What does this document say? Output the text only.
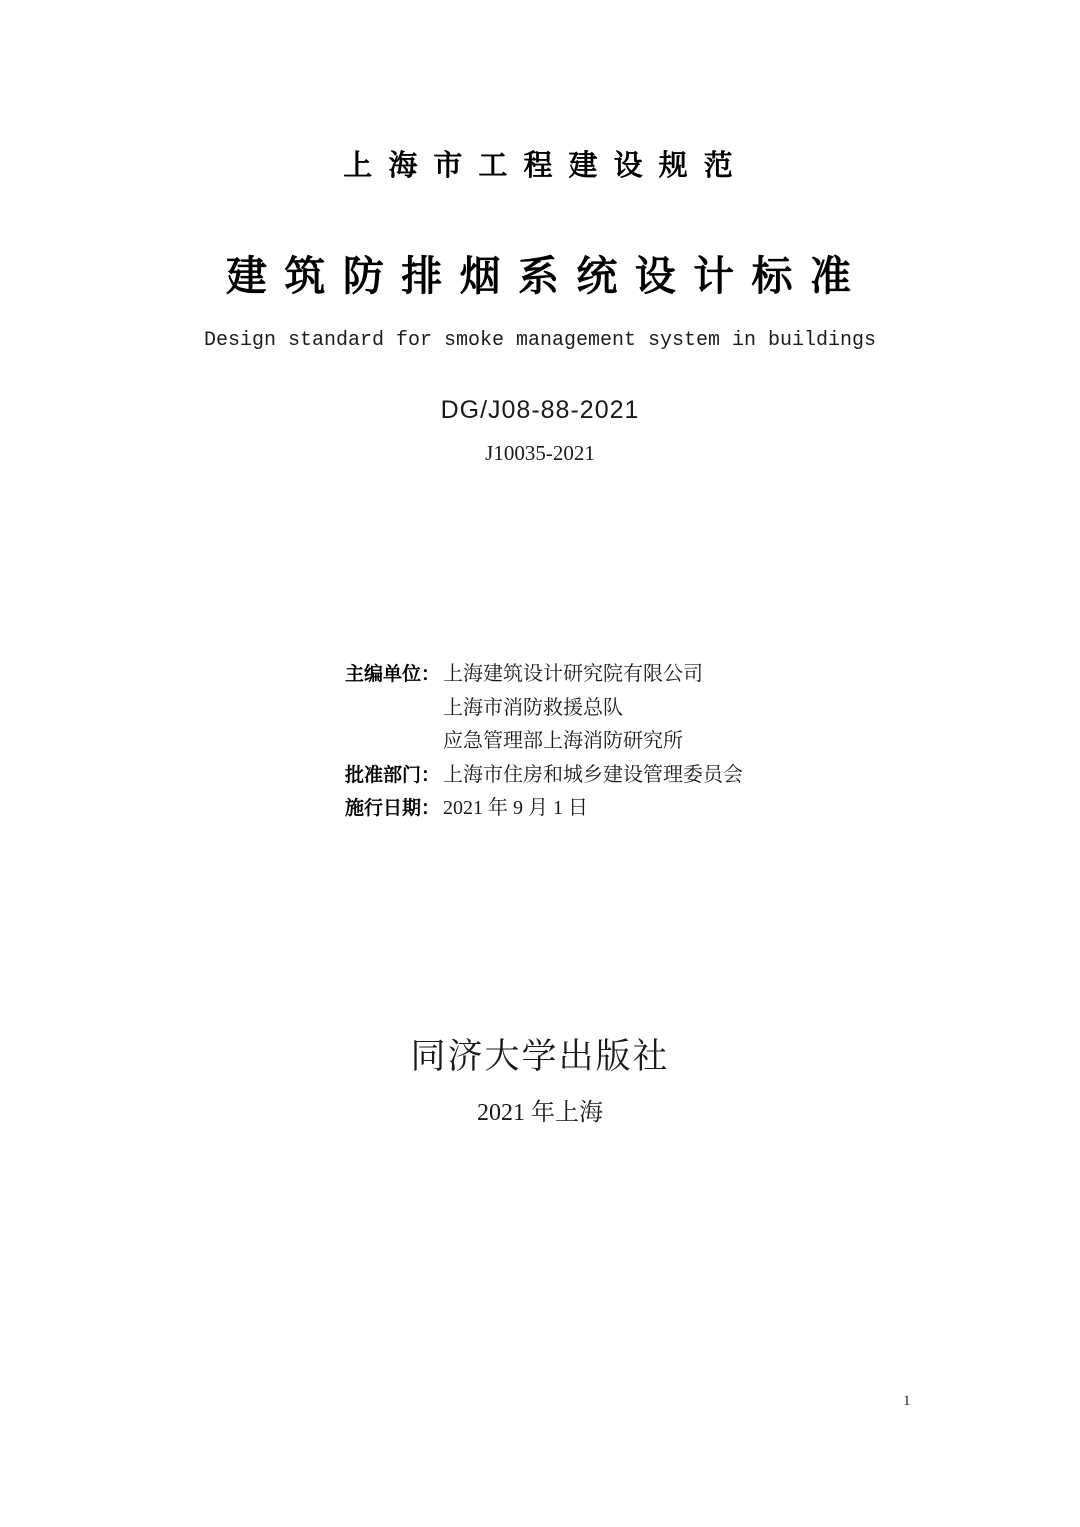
上 海 市 工 程 建 设 规 范
建 筑 防 排 烟 系 统 设 计 标 准
Design standard for smoke management system in buildings
DG/J08-88-2021
J10035-2021
主编单位： 上海建筑设计研究院有限公司
上海市消防救援总队
应急管理部上海消防研究所
批准部门： 上海市住房和城乡建设管理委员会
施行日期： 2021 年 9 月 1 日
同济大学出版社
2021 年上海
1
